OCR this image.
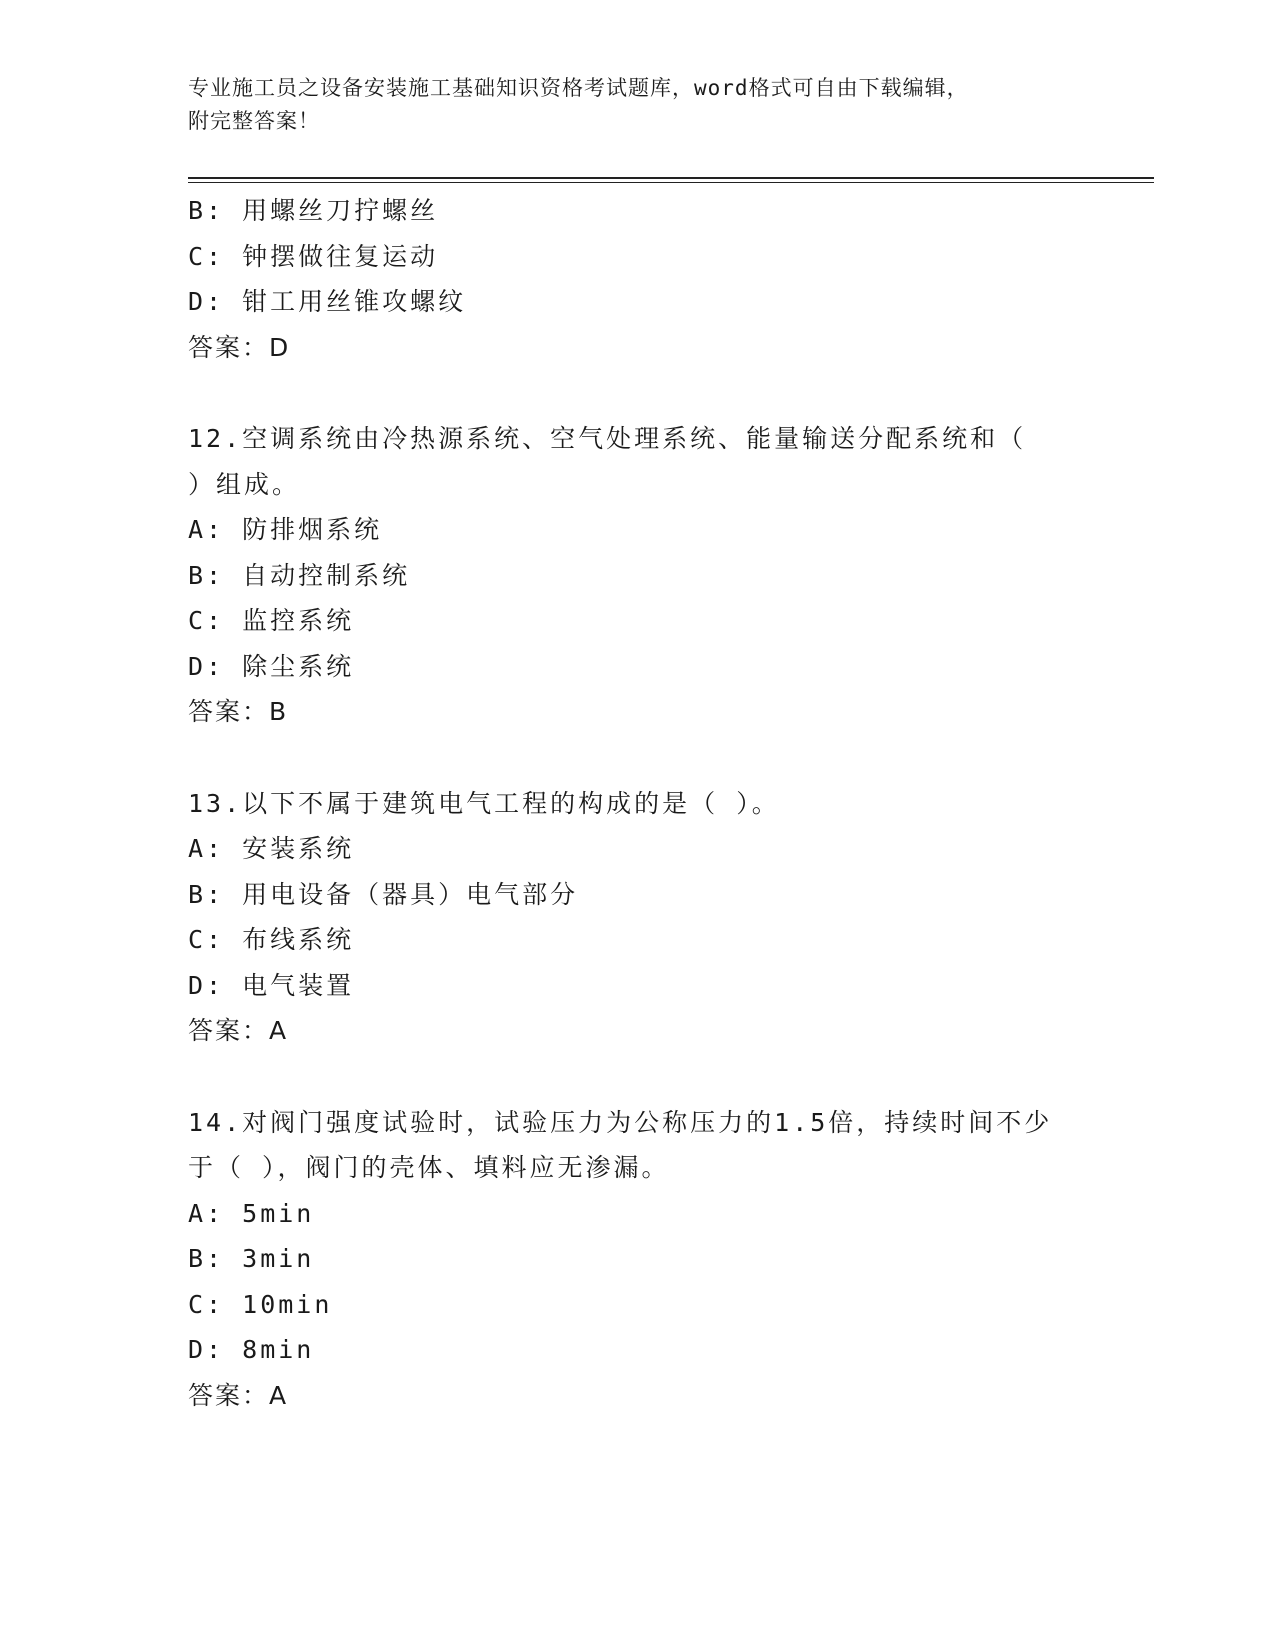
专业施工员之设备安装施工基础知识资格考试题库，word格式可自由下载编辑，
附完整答案！
B: 用螺丝刀拧螺丝
C: 钟摆做往复运动
D: 钳工用丝锥攻螺纹
答案：D
12.空调系统由冷热源系统、空气处理系统、能量输送分配系统和（
）组成。
A: 防排烟系统
B: 自动控制系统
C: 监控系统
D: 除尘系统
答案：B
13.以下不属于建筑电气工程的构成的是（ ）。
A: 安装系统
B: 用电设备（器具）电气部分
C: 布线系统
D: 电气装置
答案：A
14.对阀门强度试验时，试验压力为公称压力的1.5倍，持续时间不少
于（ ），阀门的壳体、填料应无渗漏。
A: 5min
B: 3min
C: 10min
D: 8min
答案：A
